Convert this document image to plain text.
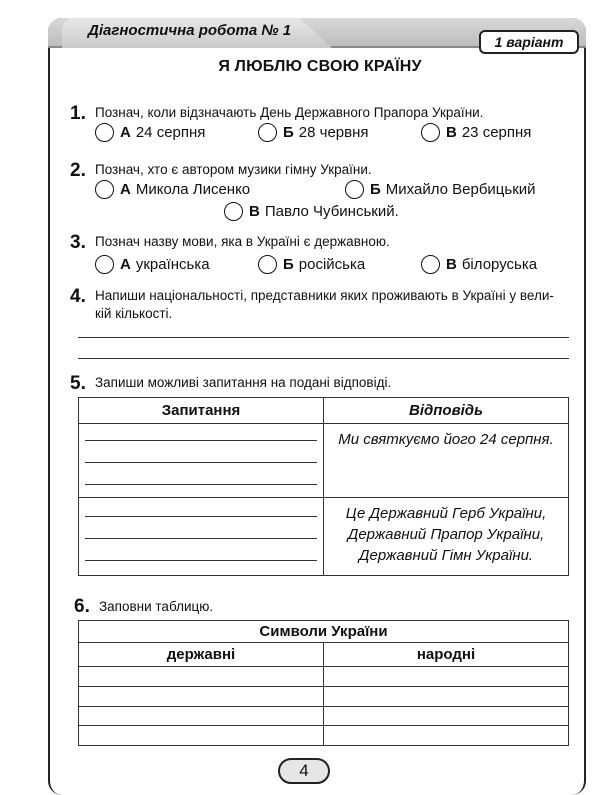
Діагностична робота № 1
1 варіант
Я ЛЮБЛЮ СВОЮ КРАЇНУ
1. Познач, коли відзначають День Державного Прапора України.
А 24 серпня	Б 28 червня	В 23 серпня
2. Познач, хто є автором музики гімну України.
А Микола Лисенко	Б Михайло Вербицький
В Павло Чубинський.
3. Познач назву мови, яка в Україні є державною.
А українська	Б російська	В білоруська
4. Напиши національності, представники яких проживають в Україні у вели-
кій кількості.
5. Запиши можливі запитання на подані відповіді.
Запитання	Відповідь

	Ми святкуємо його 24 серпня.

	Це Державний Герб України,
Державний Прапор України,
Державний Гімн України.
6. Заповни таблицю.
Символи України	
державні	народні

4
